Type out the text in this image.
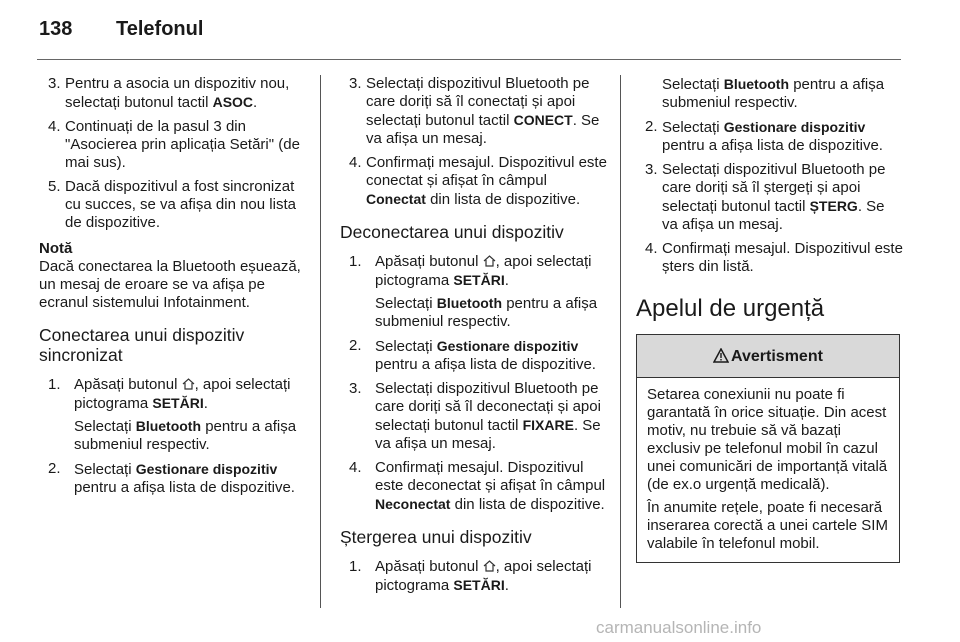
138 Telefonul
3. Pentru a asocia un dispozitiv nou, selectați butonul tactil ASOC.
4. Continuați de la pasul 3 din "Asocierea prin aplicația Setări" (de mai sus).
5. Dacă dispozitivul a fost sincronizat cu succes, se va afișa din nou lista de dispozitive.
Notă
Dacă conectarea la Bluetooth eșuează, un mesaj de eroare se va afișa pe ecranul sistemului Infotainment.
Conectarea unui dispozitiv sincronizat
1. Apăsați butonul , apoi selectați pictograma SETĂRI.

Selectați Bluetooth pentru a afișa submeniul respectiv.

2. Selectați Gestionare dispozitiv pentru a afișa lista de dispozitive.
3. Selectați dispozitivul Bluetooth pe care doriți să îl conectați și apoi selectați butonul tactil CONECT. Se va afișa un mesaj.
4. Confirmați mesajul. Dispozitivul este conectat și afișat în câmpul Conectat din lista de dispozitive.
Deconectarea unui dispozitiv
1. Apăsați butonul , apoi selectați pictograma SETĂRI.

Selectați Bluetooth pentru a afișa submeniul respectiv.

2. Selectați Gestionare dispozitiv pentru a afișa lista de dispozitive.
3. Selectați dispozitivul Bluetooth pe care doriți să îl deconectați și apoi selectați butonul tactil FIXARE. Se va afișa un mesaj.
4. Confirmați mesajul. Dispozitivul este deconectat și afișat în câmpul Neconectat din lista de dispozitive.
Ștergerea unui dispozitiv
1. Apăsați butonul , apoi selectați pictograma SETĂRI.
Selectați Bluetooth pentru a afișa submeniul respectiv.
2. Selectați Gestionare dispozitiv pentru a afișa lista de dispozitive.
3. Selectați dispozitivul Bluetooth pe care doriți să îl ștergeți și apoi selectați butonul tactil ȘTERG. Se va afișa un mesaj.
4. Confirmați mesajul. Dispozitivul este șters din listă.
Apelul de urgență
Avertisment

Setarea conexiunii nu poate fi garantată în orice situație. Din acest motiv, nu trebuie să vă bazați exclusiv pe telefonul mobil în cazul unei comunicări de importanță vitală (de ex.o urgență medicală).

În anumite rețele, poate fi necesară inserarea corectă a unei cartele SIM valabile în telefonul mobil.

carmanualsonline.info
